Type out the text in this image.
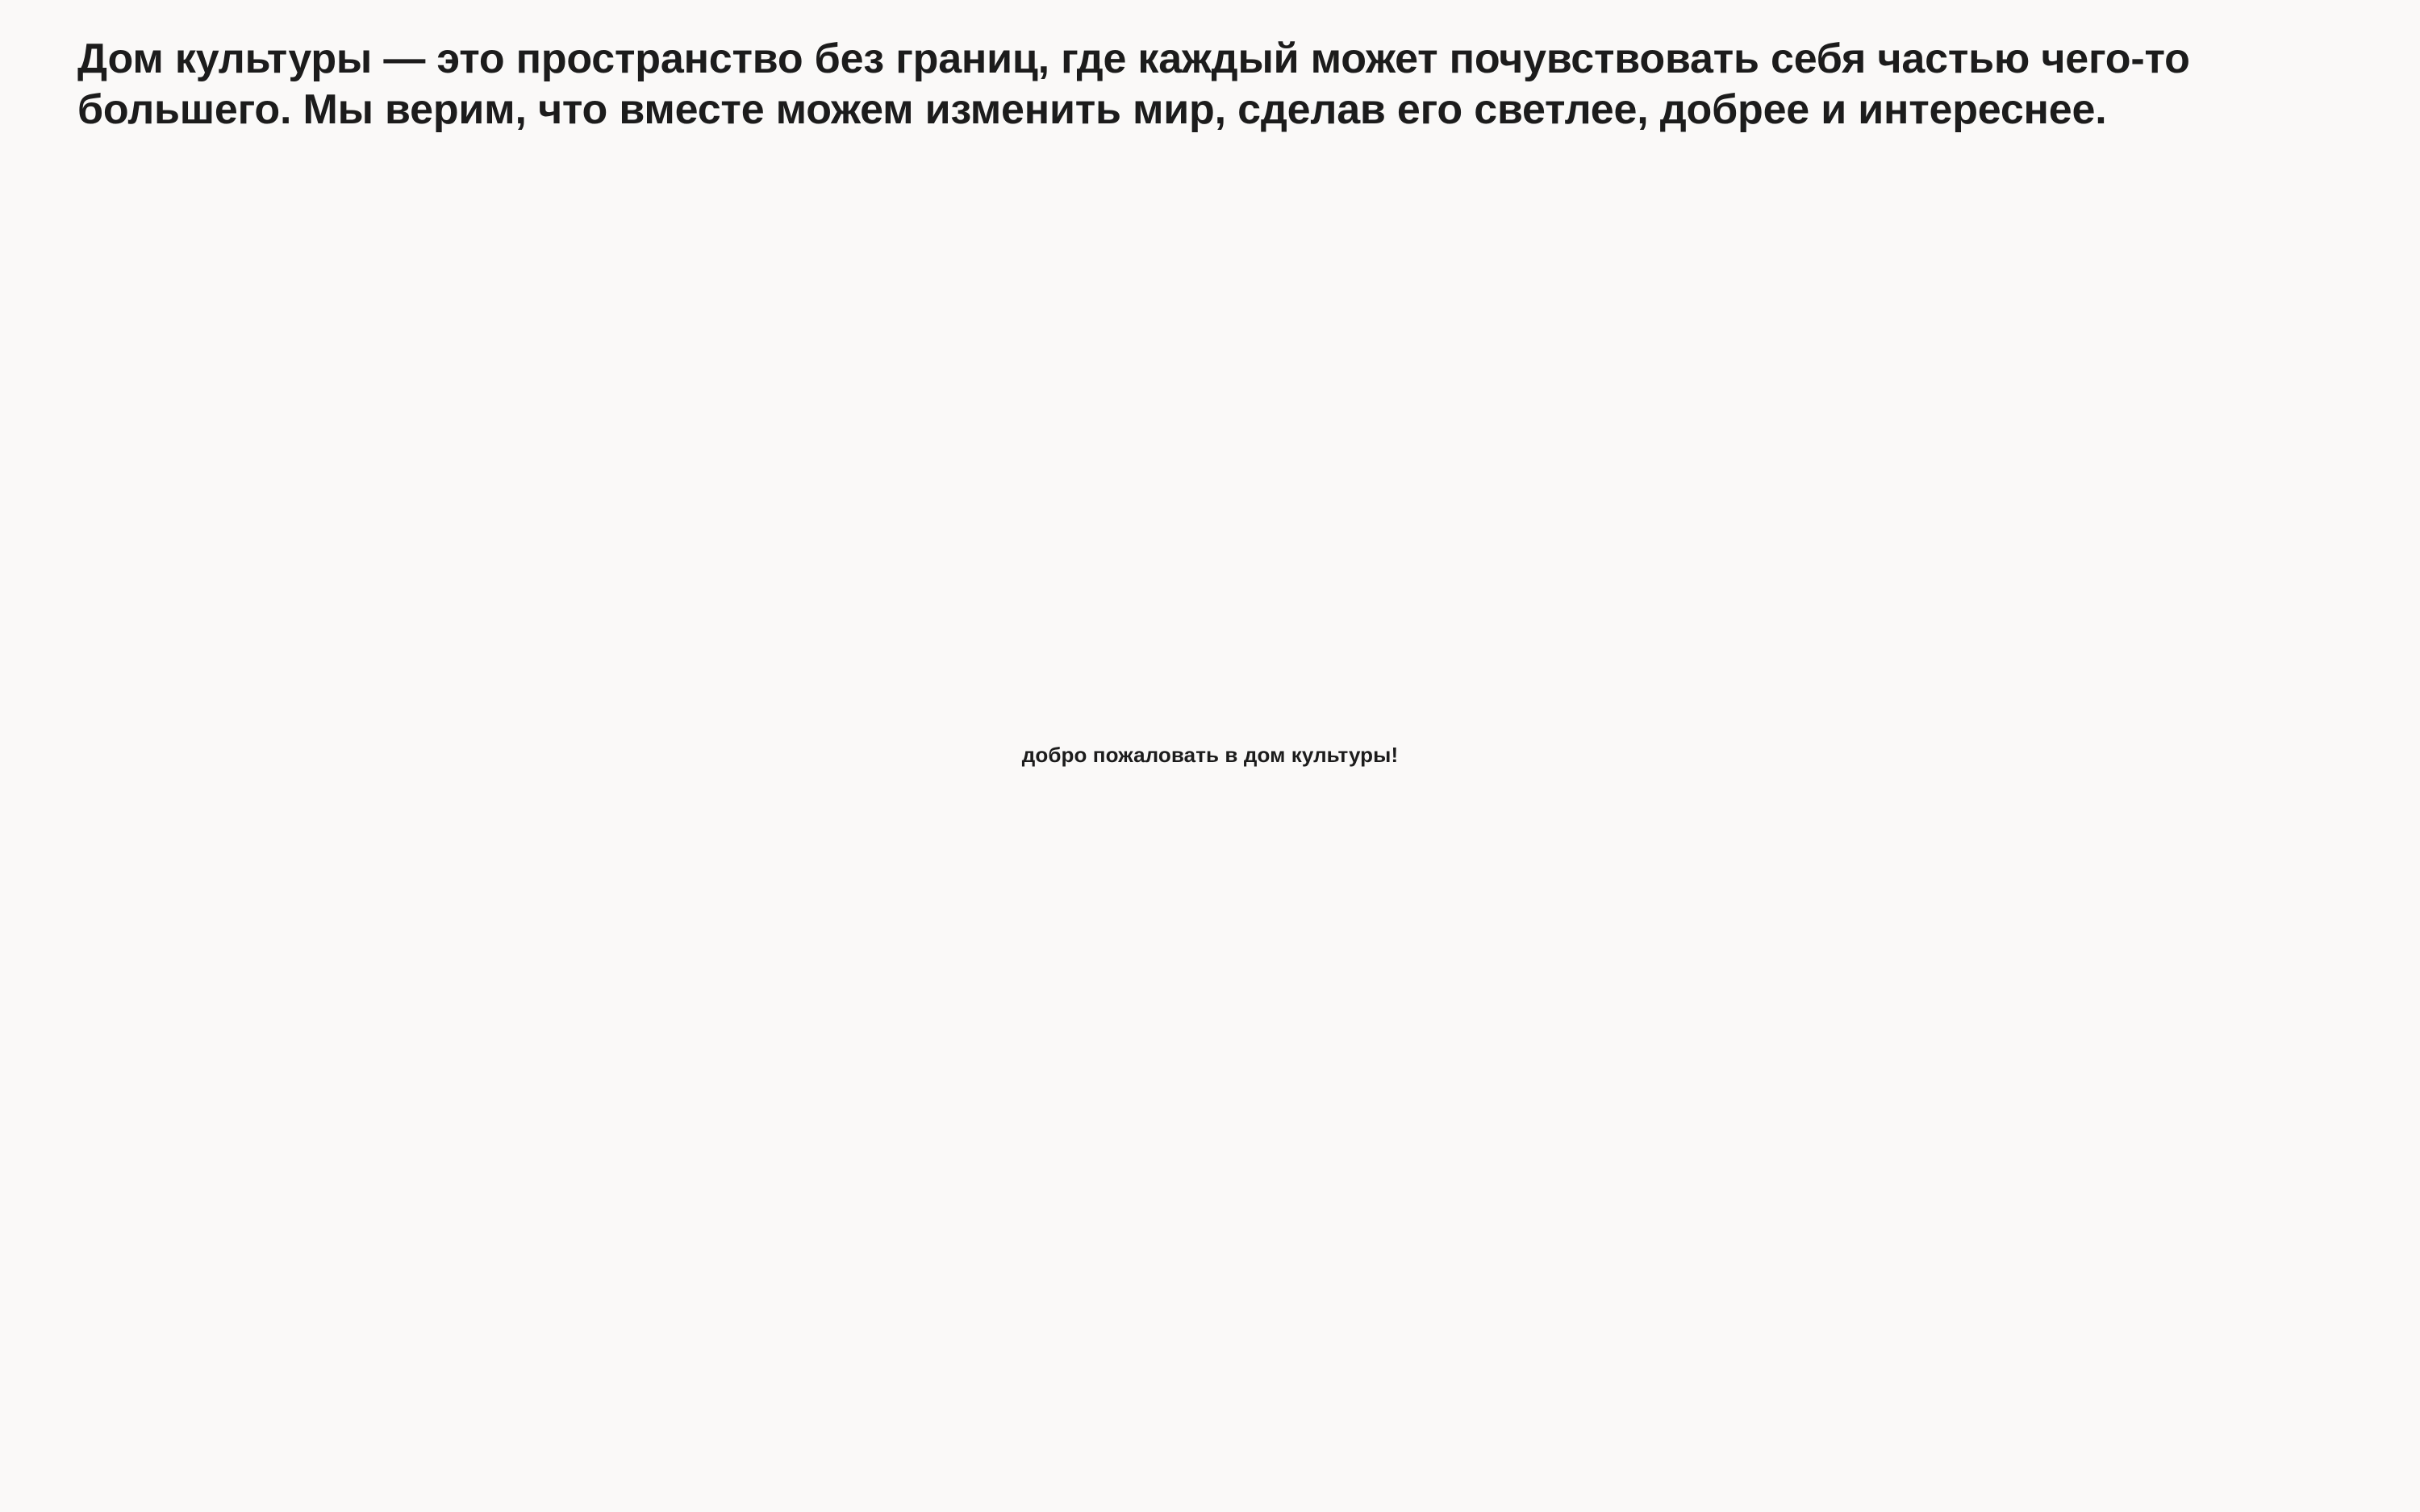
Дом культуры — это пространство без границ, где каждый может почувствовать себя частью чего-то большего. Мы верим, что вместе можем изменить мир, сделав его светлее, добрее и интереснее.

добро пожаловать в дом культуры!
